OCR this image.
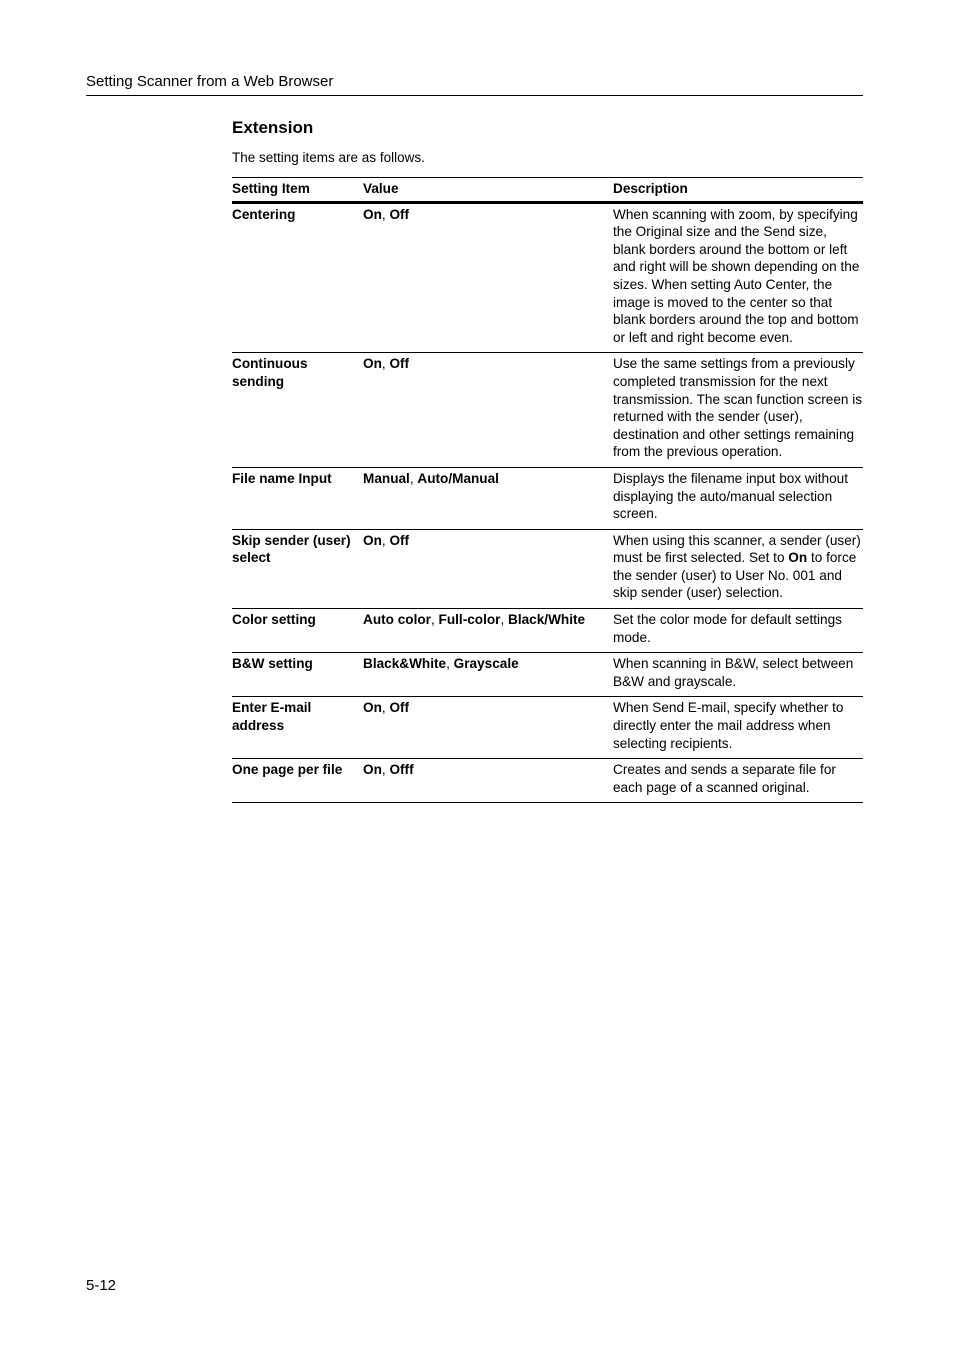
Setting Scanner from a Web Browser
Extension
The setting items are as follows.
Setting Item	Value	Description
Centering	On, Off	When scanning with zoom, by specifying the Original size and the Send size, blank borders around the bottom or left and right will be shown depending on the sizes. When setting Auto Center, the image is moved to the center so that blank borders around the top and bottom or left and right become even.
Continuous sending	On, Off	Use the same settings from a previously completed transmission for the next transmission. The scan function screen is returned with the sender (user), destination and other settings remaining from the previous operation.
File name Input	Manual, Auto/Manual	Displays the filename input box without displaying the auto/manual selection screen.
Skip sender (user) select	On, Off	When using this scanner, a sender (user) must be first selected. Set to On to force the sender (user) to User No. 001 and skip sender (user) selection.
Color setting	Auto color, Full-color, Black/White	Set the color mode for default settings mode.
B&W setting	Black&White, Grayscale	When scanning in B&W, select between B&W and grayscale.
Enter E-mail address	On, Off	When Send E-mail, specify whether to directly enter the mail address when selecting recipients.
One page per file	On, Offf	Creates and sends a separate file for each page of a scanned original.
5-12
